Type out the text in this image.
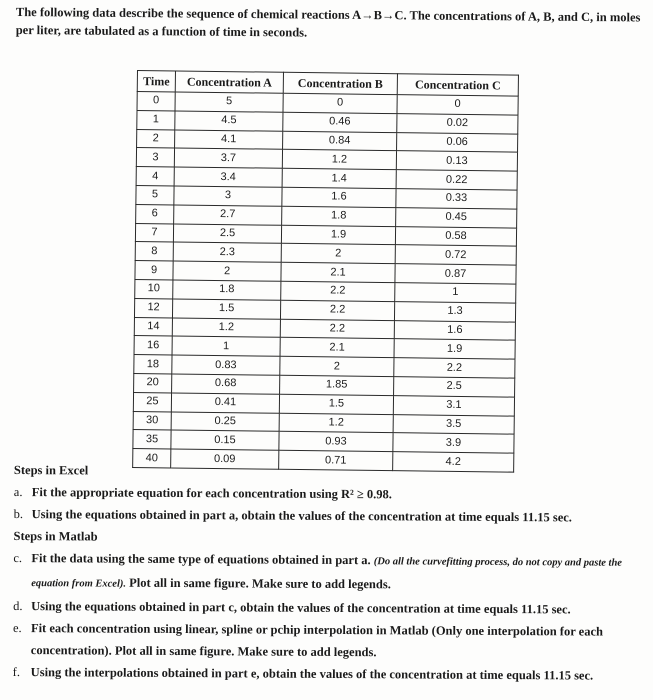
The following data describe the sequence of chemical reactions A→B→C. The concentrations of A, B, and C, in moles per liter, are tabulated as a function of time in seconds.
Time	Concentration A	Concentration B	Concentration C
0	5	0	0
1	4.5	0.46	0.02
2	4.1	0.84	0.06
3	3.7	1.2	0.13
4	3.4	1.4	0.22
5	3	1.6	0.33
6	2.7	1.8	0.45
7	2.5	1.9	0.58
8	2.3	2	0.72
9	2	2.1	0.87
10	1.8	2.2	1
12	1.5	2.2	1.3
14	1.2	2.2	1.6
16	1	2.1	1.9
18	0.83	2	2.2
20	0.68	1.85	2.5
25	0.41	1.5	3.1
30	0.25	1.2	3.5
35	0.15	0.93	3.9
40	0.09	0.71	4.2
Steps in Excel
a. Fit the appropriate equation for each concentration using R² ≥ 0.98.
b. Using the equations obtained in part a, obtain the values of the concentration at time equals 11.15 sec.
Steps in Matlab
c. Fit the data using the same type of equations obtained in part a. (Do all the curvefitting process, do not copy and paste the equation from Excel). Plot all in same figure. Make sure to add legends.
d. Using the equations obtained in part c, obtain the values of the concentration at time equals 11.15 sec.
e. Fit each concentration using linear, spline or pchip interpolation in Matlab (Only one interpolation for each concentration). Plot all in same figure. Make sure to add legends.
f. Using the interpolations obtained in part e, obtain the values of the concentration at time equals 11.15 sec.
